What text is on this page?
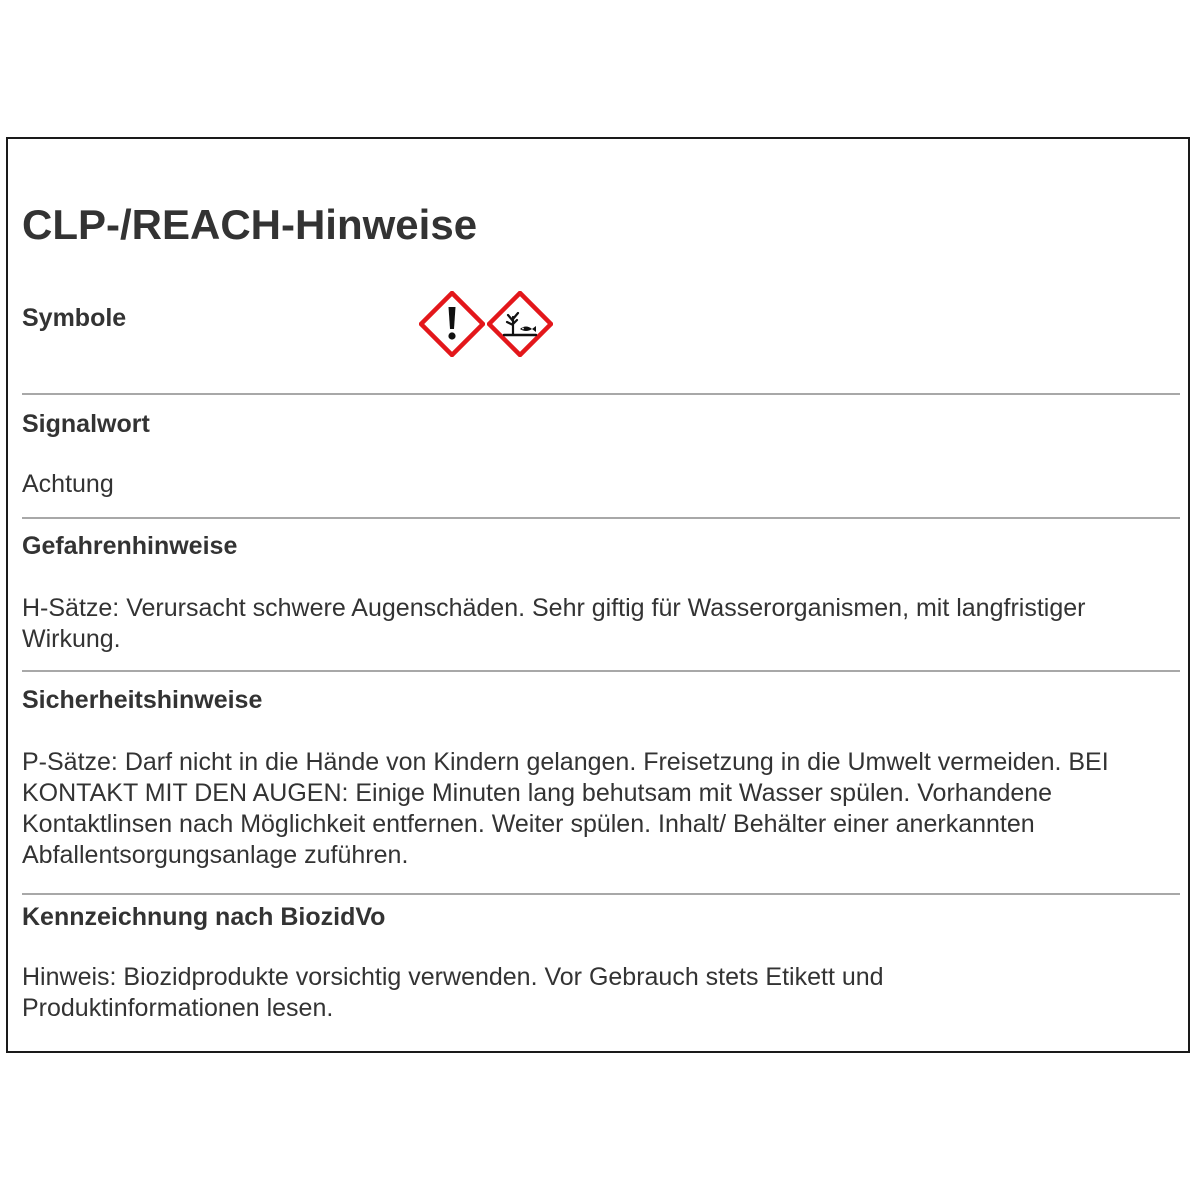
CLP-/REACH-Hinweise
Symbole
Signalwort
Achtung
Gefahrenhinweise
H-Sätze: Verursacht schwere Augenschäden. Sehr giftig für Wasserorganismen, mit langfristiger Wirkung.
Sicherheitshinweise
P-Sätze: Darf nicht in die Hände von Kindern gelangen. Freisetzung in die Umwelt vermeiden. BEI KONTAKT MIT DEN AUGEN: Einige Minuten lang behutsam mit Wasser spülen. Vorhandene Kontaktlinsen nach Möglichkeit entfernen. Weiter spülen. Inhalt/ Behälter einer anerkannten Abfallentsorgungsanlage zuführen.
Kennzeichnung nach BiozidVo
Hinweis: Biozidprodukte vorsichtig verwenden. Vor Gebrauch stets Etikett und Produktinformationen lesen.
